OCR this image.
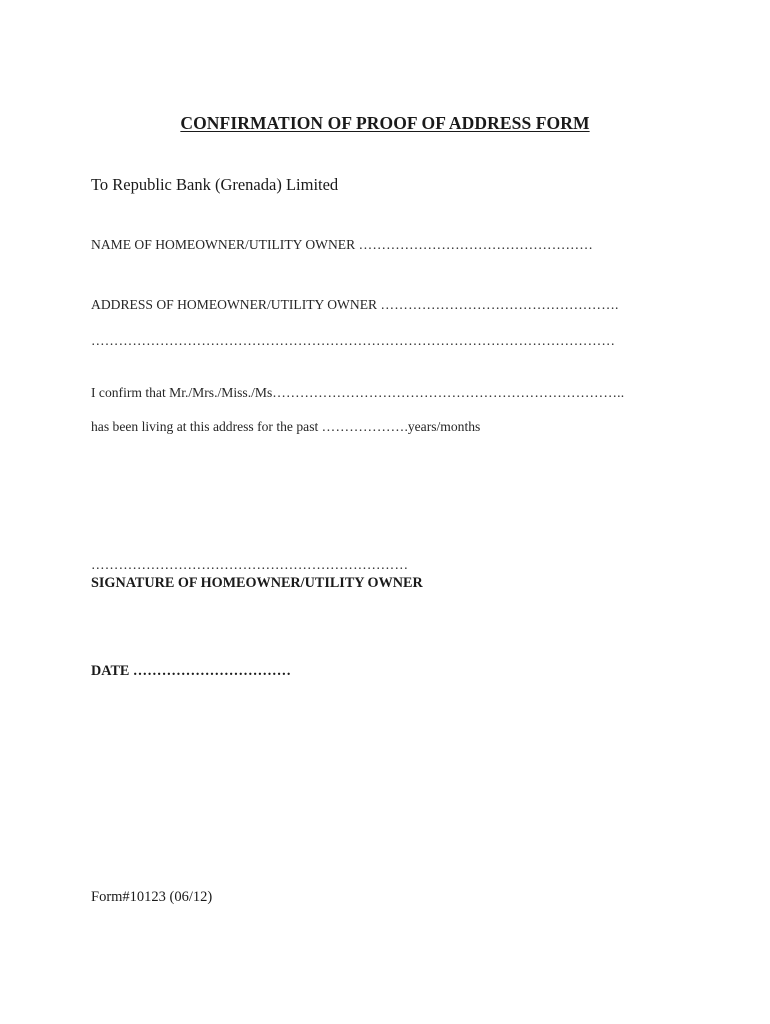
CONFIRMATION OF PROOF OF ADDRESS FORM
To Republic Bank (Grenada) Limited
NAME OF HOMEOWNER/UTILITY OWNER ……………………………………………
ADDRESS OF HOMEOWNER/UTILITY OWNER …………………………………………….
……………………………………………………………………………………………………
I confirm that Mr./Mrs./Miss./Ms…………………………………………………………………..
has been living at this address for the past ……………….years/months
……………………………………………………………
SIGNATURE OF HOMEOWNER/UTILITY OWNER
DATE ……………………………
Form#10123 (06/12)
